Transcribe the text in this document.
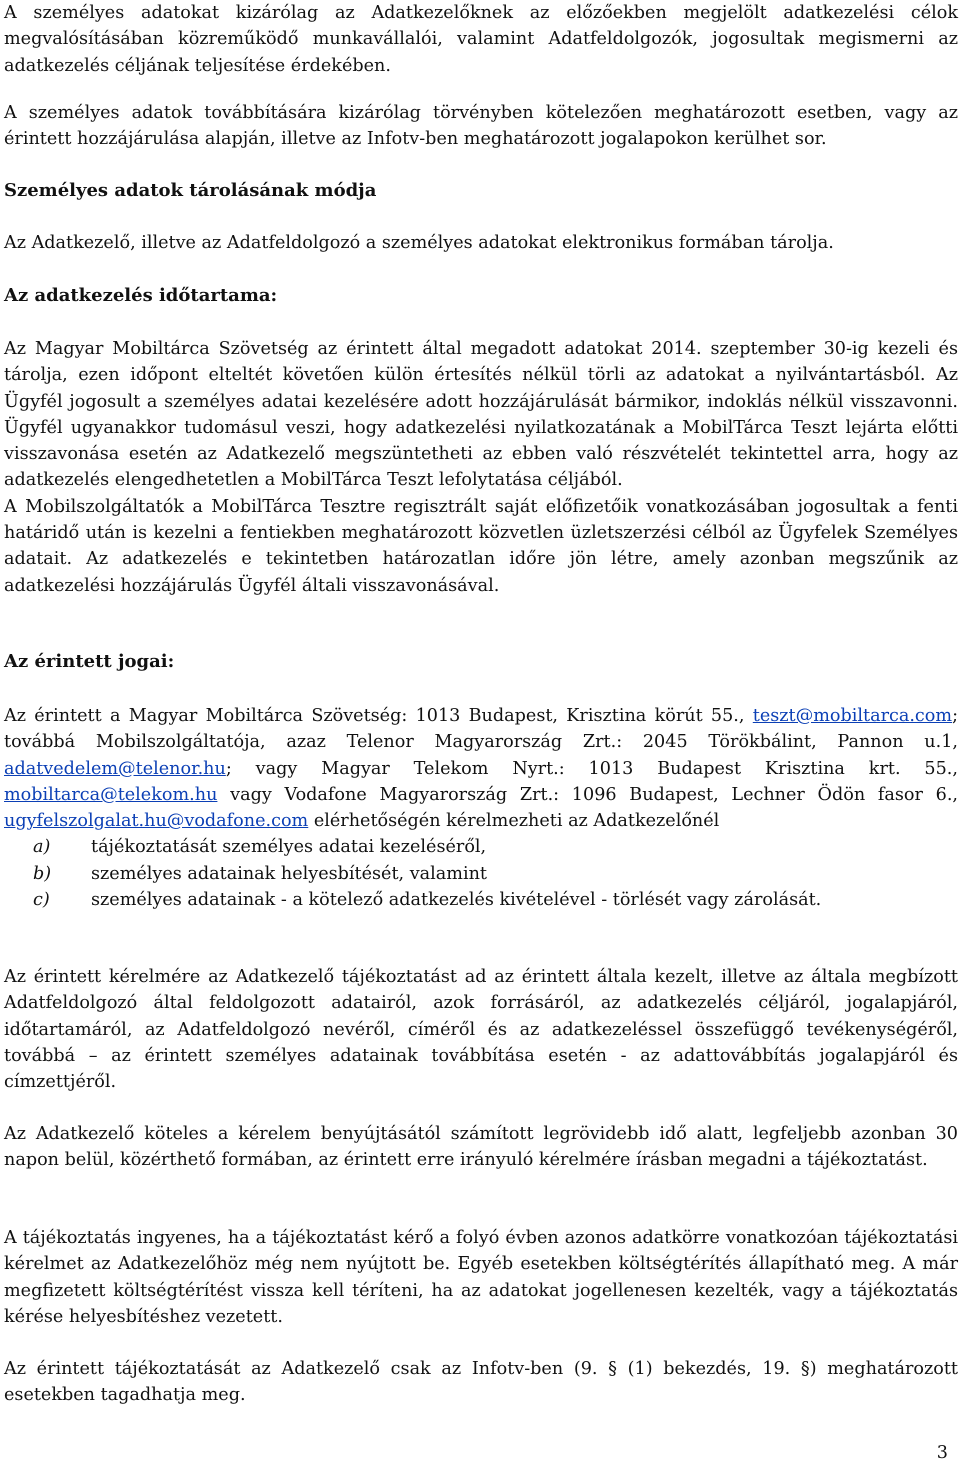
A személyes adatokat kizárólag az Adatkezelőknek az előzőekben megjelölt adatkezelési célok megvalósításában közreműködő munkavállalói, valamint Adatfeldolgozók, jogosultak megismerni az adatkezelés céljának teljesítése érdekében.

A személyes adatok továbbítására kizárólag törvényben kötelezően meghatározott esetben, vagy az érintett hozzájárulása alapján, illetve az Infotv-ben meghatározott jogalapokon kerülhet sor.

Személyes adatok tárolásának módja

Az Adatkezelő, illetve az Adatfeldolgozó a személyes adatokat elektronikus formában tárolja.

Az adatkezelés időtartama:

Az Magyar Mobiltárca Szövetség az érintett által megadott adatokat 2014. szeptember 30-ig kezeli és tárolja, ezen időpont elteltét követően külön értesítés nélkül törli az adatokat a nyilvántartásból. Az Ügyfél jogosult a személyes adatai kezelésére adott hozzájárulását bármikor, indoklás nélkül visszavonni. Ügyfél ugyanakkor tudomásul veszi, hogy adatkezelési nyilatkozatának a MobilTárca Teszt lejárta előtti visszavonása esetén az Adatkezelő megszüntetheti az ebben való részvételét tekintettel arra, hogy az adatkezelés elengedhetetlen a MobilTárca Teszt lefolytatása céljából.

A Mobilszolgáltatók a MobilTárca Tesztre regisztrált saját előfizetőik vonatkozásában jogosultak a fenti határidő után is kezelni a fentiekben meghatározott közvetlen üzletszerzési célból az Ügyfelek Személyes adatait. Az adatkezelés e tekintetben határozatlan időre jön létre, amely azonban megszűnik az adatkezelési hozzájárulás Ügyfél általi visszavonásával.

Az érintett jogai:

Az érintett a Magyar Mobiltárca Szövetség: 1013 Budapest, Krisztina körút 55., teszt@mobiltarca.com; továbbá Mobilszolgáltatója, azaz Telenor Magyarország Zrt.: 2045 Törökbálint, Pannon u.1, adatvedelem@telenor.hu; vagy Magyar Telekom Nyrt.: 1013 Budapest Krisztina krt. 55., mobiltarca@telekom.hu vagy Vodafone Magyarország Zrt.: 1096 Budapest, Lechner Ödön fasor 6., ugyfelszolgalat.hu@vodafone.com elérhetőségén kérelmezheti az Adatkezelőnél

a) tájékoztatását személyes adatai kezeléséről,
b) személyes adatainak helyesbítését, valamint
c) személyes adatainak - a kötelező adatkezelés kivételével - törlését vagy zárolását.

Az érintett kérelmére az Adatkezelő tájékoztatást ad az érintett általa kezelt, illetve az általa megbízott Adatfeldolgozó által feldolgozott adatairól, azok forrásáról, az adatkezelés céljáról, jogalapjáról, időtartamáról, az Adatfeldolgozó nevéről, címéről és az adatkezeléssel összefüggő tevékenységéről, továbbá – az érintett személyes adatainak továbbítása esetén - az adattovábbítás jogalapjáról és címzettjéről.

Az Adatkezelő köteles a kérelem benyújtásától számított legrövidebb idő alatt, legfeljebb azonban 30 napon belül, közérthető formában, az érintett erre irányuló kérelmére írásban megadni a tájékoztatást.

A tájékoztatás ingyenes, ha a tájékoztatást kérő a folyó évben azonos adatkörre vonatkozóan tájékoztatási kérelmet az Adatkezelőhöz még nem nyújtott be. Egyéb esetekben költségtérítés állapítható meg. A már megfizetett költségtérítést vissza kell téríteni, ha az adatokat jogellenesen kezelték, vagy a tájékoztatás kérése helyesbítéshez vezetett.

Az érintett tájékoztatását az Adatkezelő csak az Infotv-ben (9. § (1) bekezdés, 19. §) meghatározott esetekben tagadhatja meg.

3
